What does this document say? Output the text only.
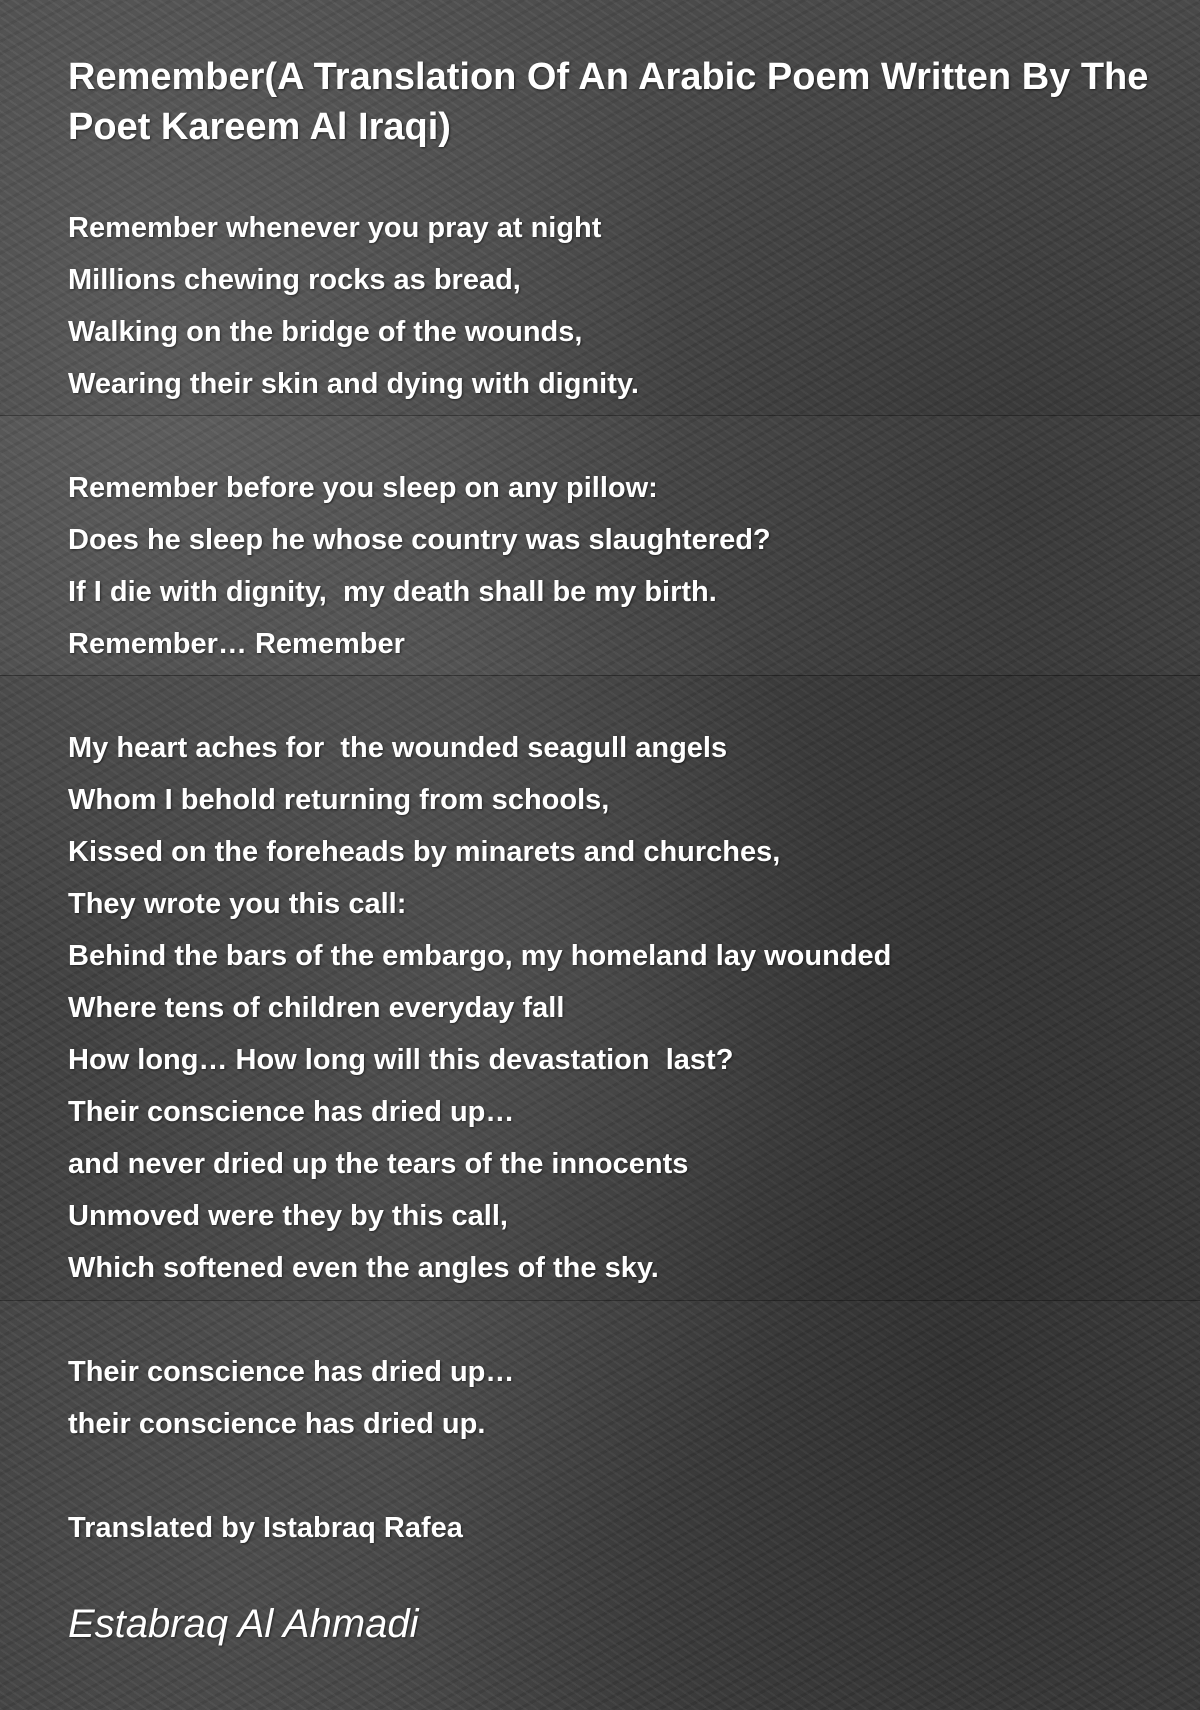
Remember(A Translation Of An Arabic Poem Written By The Poet Kareem Al Iraqi)

Remember whenever you pray at night
Millions chewing rocks as bread,
Walking on the bridge of the wounds,
Wearing their skin and dying with dignity.

Remember before you sleep on any pillow:
Does he sleep he whose country was slaughtered?
If I die with dignity,  my death shall be my birth.
Remember… Remember

My heart aches for  the wounded seagull angels
Whom I behold returning from schools,
Kissed on the foreheads by minarets and churches,
They wrote you this call:
Behind the bars of the embargo, my homeland lay wounded
Where tens of children everyday fall
How long… How long will this devastation  last?
Their conscience has dried up…
and never dried up the tears of the innocents
Unmoved were they by this call,
Which softened even the angles of the sky.

Their conscience has dried up…
their conscience has dried up.

Translated by Istabraq Rafea

Estabraq Al Ahmadi
